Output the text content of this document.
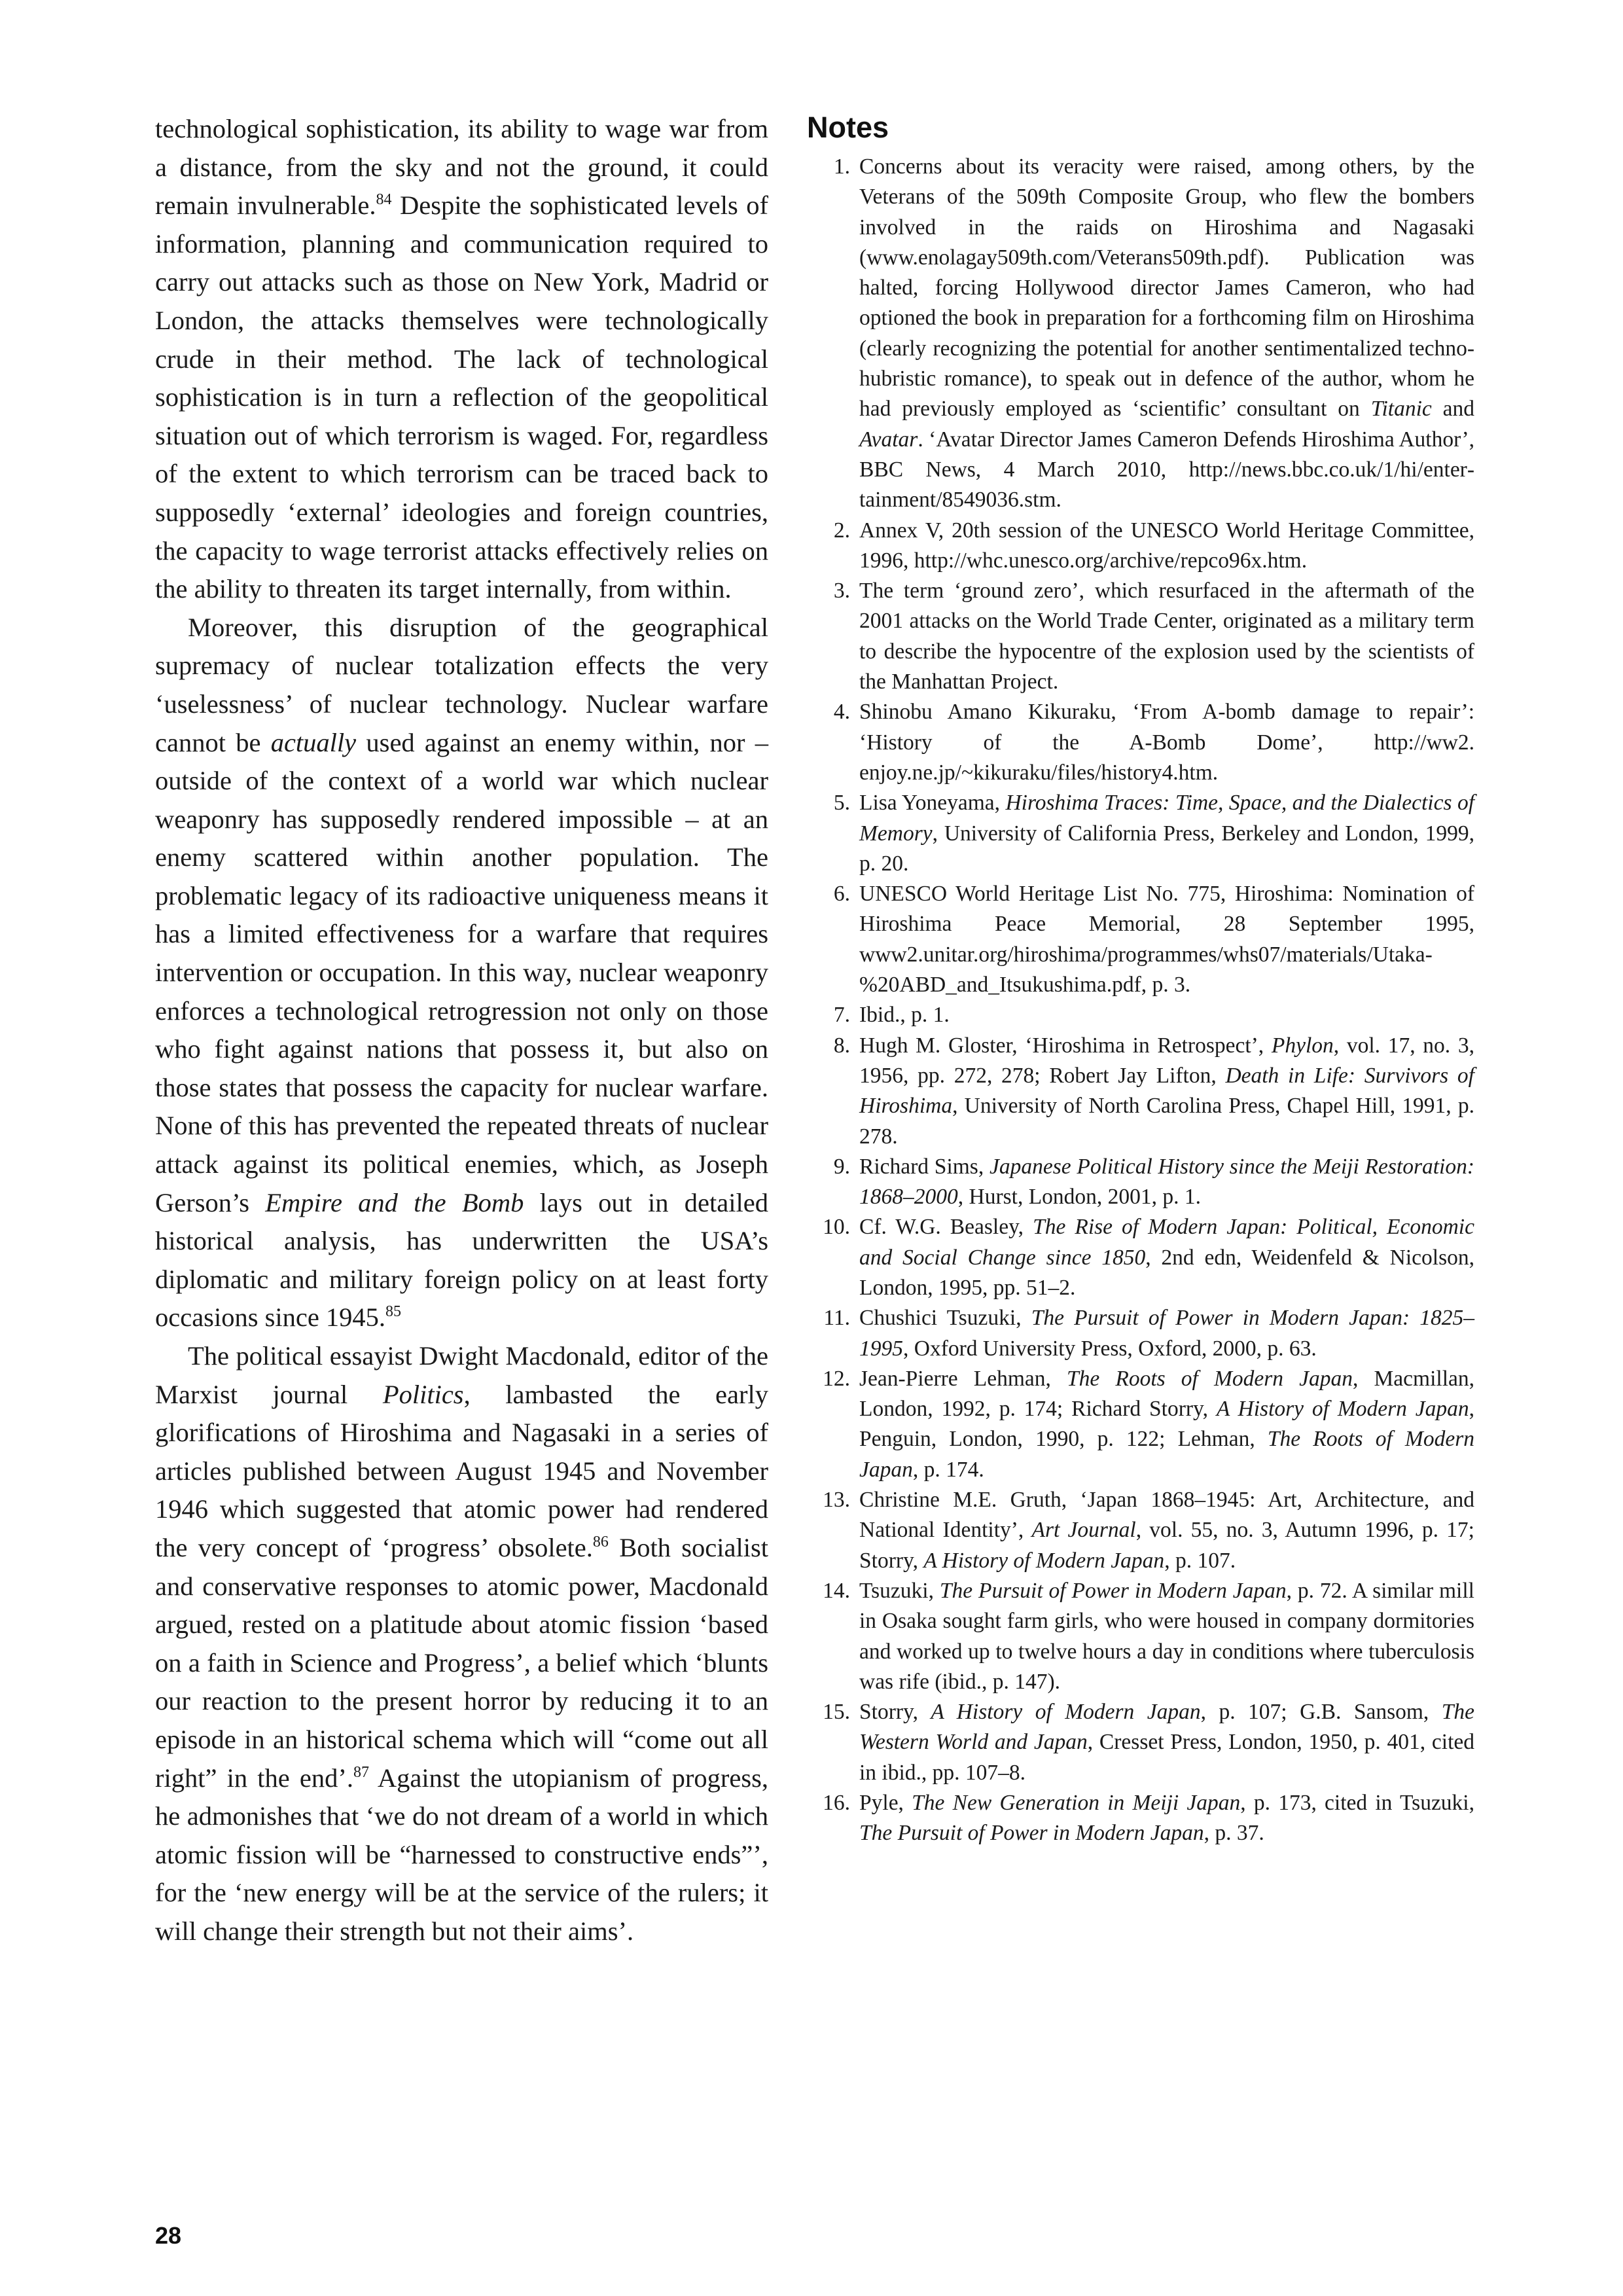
technological sophistication, its ability to wage war from a distance, from the sky and not the ground, it could remain invulnerable.$^{84}$ Despite the sophisticated levels of information, planning and communication required to carry out attacks such as those on New York, Madrid or London, the attacks themselves were technologically crude in their method. The lack of technological sophistication is in turn a reflection of the geopolitical situation out of which terrorism is waged. For, regardless of the extent to which terrorism can be traced back to supposedly ‘external’ ideologies and foreign countries, the capacity to wage terrorist attacks effectively relies on the ability to threaten its target internally, from within.

Moreover, this disruption of the geographical supremacy of nuclear totalization effects the very ‘uselessness’ of nuclear technology. Nuclear warfare cannot be actually used against an enemy within, nor – outside of the context of a world war which nuclear weaponry has supposedly rendered impossible – at an enemy scattered within another population. The problematic legacy of its radioactive uniqueness means it has a limited effectiveness for a warfare that requires intervention or occupation. In this way, nuclear weaponry enforces a technological retrogression not only on those who fight against nations that possess it, but also on those states that possess the capacity for nuclear warfare. None of this has prevented the repeated threats of nuclear attack against its political enemies, which, as Joseph Gerson’s Empire and the Bomb lays out in detailed historical analysis, has underwritten the USA’s diplomatic and military foreign policy on at least forty occasions since 1945.85

The political essayist Dwight Macdonald, editor of the Marxist journal Politics, lambasted the early glorifications of Hiroshima and Nagasaki in a series of articles published between August 1945 and November 1946 which suggested that atomic power had rendered the very concept of ‘progress’ obsolete.$^{86}$ Both socialist and conservative responses to atomic power, Macdonald argued, rested on a platitude about atomic fission ‘based on a faith in Science and Progress’, a belief which ‘blunts our reaction to the present horror by reducing it to an episode in an historical schema which will “come out all right” in the end’.$^{87}$ Against the utopianism of progress, he admonishes that ‘we do not dream of a world in which atomic fission will be “harnessed to constructive ends”’, for the ‘new energy will be at the service of the rulers; it will change their strength but not their aims’.

Notes
1. Concerns about its veracity were raised, among others, by the Veterans of the 509th Composite Group, who flew the bombers involved in the raids on Hiroshima and Nagasaki (www.enolagay509th.com/Veterans509th.​pdf). Publication was halted, forcing Hollywood director James Cameron, who had optioned the book in preparation for a forthcoming film on Hiroshima (clearly recognizing the potential for another sentimentalized techno-hubristic romance), to speak out in defence of the author, whom he had previously employed as ‘scientific’ consultant on Titanic and Avatar. ‘Avatar Director James Cameron Defends Hiroshima Author’, BBC News, 4 March 2010, http://news.bbc.co.uk/1/hi/entertainment/8549036.stm.
2. Annex V, 20th session of the UNESCO World Heritage Committee, 1996, http://whc.unesco.org/archive/repco96x.htm.
3. The term ‘ground zero’, which resurfaced in the aftermath of the 2001 attacks on the World Trade Center, originated as a military term to describe the hypocentre of the explosion used by the scientists of the Manhattan Project.
4. Shinobu Amano Kikuraku, ‘From A-bomb damage to repair’: ‘History of the A-Bomb Dome’, http://ww2.​enjoy.ne.jp/~kikuraku/files/history4.htm.
5. Lisa Yoneyama, Hiroshima Traces: Time, Space, and the Dialectics of Memory, University of California Press, Berkeley and London, 1999, p. 20.
6. UNESCO World Heritage List No. 775, Hiroshima: Nomination of Hiroshima Peace Memorial, 28 September 1995, www2.unitar.org/hiroshima/programmes/whs07/​materials/Utaka-%20ABD_and_Itsukushima.pdf, p. 3.
7. Ibid., p. 1.
8. Hugh M. Gloster, ‘Hiroshima in Retrospect’, Phylon, vol. 17, no. 3, 1956, pp. 272, 278; Robert Jay Lifton, Death in Life: Survivors of Hiroshima, University of North Carolina Press, Chapel Hill, 1991, p. 278.
9. Richard Sims, Japanese Political History since the Meiji Restoration: 1868–2000, Hurst, London, 2001, p. 1.
10. Cf. W.G. Beasley, The Rise of Modern Japan: Political, Economic and Social Change since 1850, 2nd edn, Weidenfeld & Nicolson, London, 1995, pp. 51–2.
11. Chushici Tsuzuki, The Pursuit of Power in Modern Japan: 1825–1995, Oxford University Press, Oxford, 2000, p. 63.
12. Jean-Pierre Lehman, The Roots of Modern Japan, Macmillan, London, 1992, p. 174; Richard Storry, A History of Modern Japan, Penguin, London, 1990, p. 122; Lehman, The Roots of Modern Japan, p. 174.
13. Christine M.E. Gruth, ‘Japan 1868–1945: Art, Architecture, and National Identity’, Art Journal, vol. 55, no. 3, Autumn 1996, p. 17; Storry, A History of Modern Japan, p. 107.
14. Tsuzuki, The Pursuit of Power in Modern Japan, p. 72. A similar mill in Osaka sought farm girls, who were housed in company dormitories and worked up to twelve hours a day in conditions where tuberculosis was rife (ibid., p. 147).
15. Storry, A History of Modern Japan, p. 107; G.B. Sansom, The Western World and Japan, Cresset Press, London, 1950, p. 401, cited in ibid., pp. 107–8.
16. Pyle, The New Generation in Meiji Japan, p. 173, cited in Tsuzuki, The Pursuit of Power in Modern Japan, p. 37.
28
